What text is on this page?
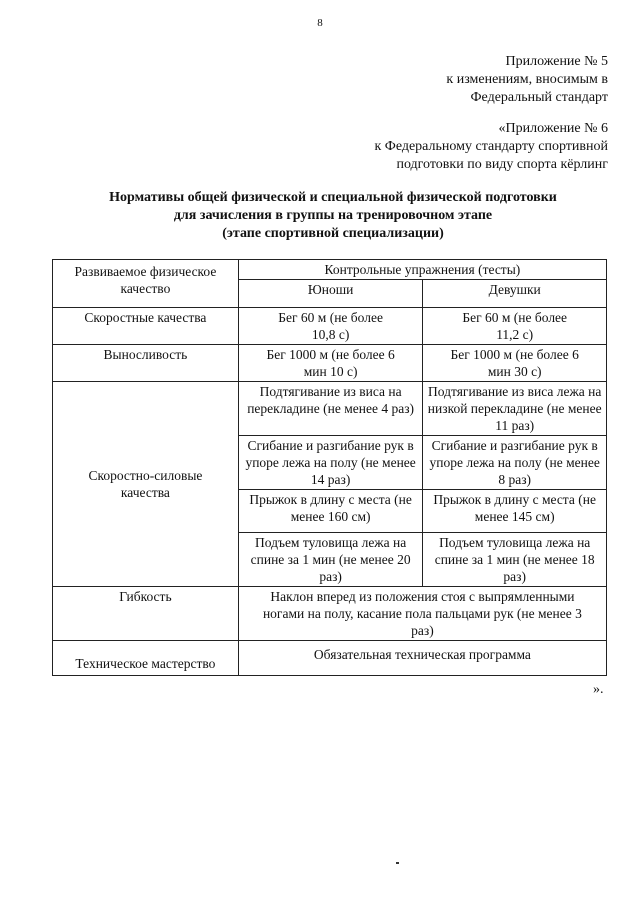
8
Приложение № 5
к изменениям, вносимым в
Федеральный стандарт
«Приложение № 6
к Федеральному стандарту спортивной
подготовки по виду спорта кёрлинг
Нормативы общей физической и специальной физической подготовки
для зачисления в группы на тренировочном этапе
(этапе спортивной специализации)
Развиваемое физическое качество	Контрольные упражнения (тесты)	
	Юноши	Девушки
Скоростные качества	Бег 60 м (не более 10,8 с)	Бег 60 м (не более 11,2 с)
Выносливость	Бег 1000 м (не более 6 мин 10 с)	Бег 1000 м (не более 6 мин 30 с)
Скоростно-силовые качества	Подтягивание из виса на перекладине (не менее 4 раз)	Подтягивание из виса лежа на низкой перекладине (не менее 11 раз)
	Сгибание и разгибание рук в упоре лежа на полу (не менее 14 раз)	Сгибание и разгибание рук в упоре лежа на полу (не менее 8 раз)
	Прыжок в длину с места (не менее 160 см)	Прыжок в длину с места (не менее 145 см)
	Подъем туловища лежа на спине за 1 мин (не менее 20 раз)	Подъем туловища лежа на спине за 1 мин (не менее 18 раз)
Гибкость	Наклон вперед из положения стоя с выпрямленными ногами на полу, касание пола пальцами рук (не менее 3 раз)	
Техническое мастерство	Обязательная техническая программа	
».
